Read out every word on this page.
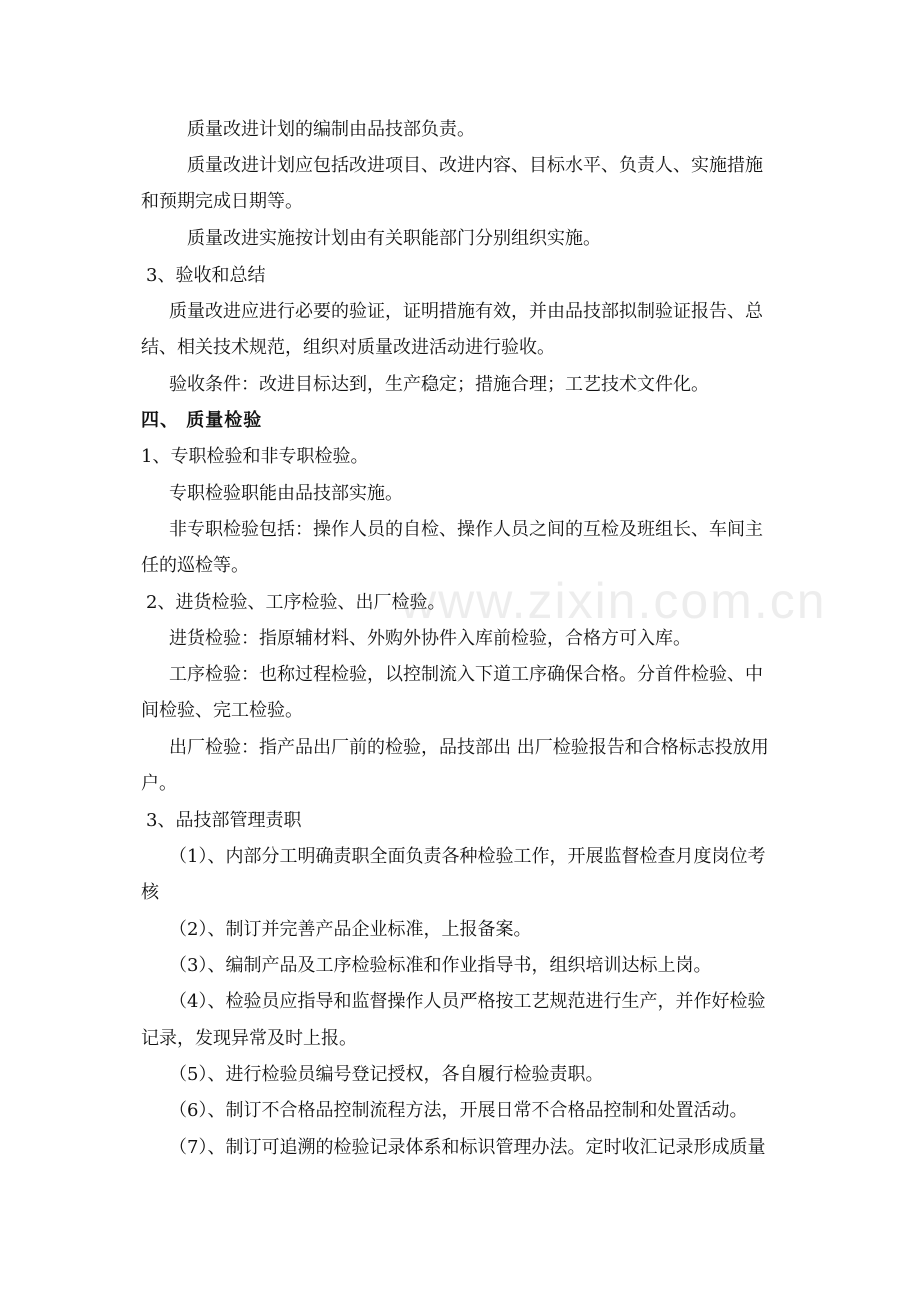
www.zixin.com.cn
质量改进计划的编制由品技部负责。
质量改进计划应包括改进项目、改进内容、目标水平、负责人、实施措施
和预期完成日期等。
质量改进实施按计划由有关职能部门分别组织实施。
3、验收和总结
质量改进应进行必要的验证，证明措施有效，并由品技部拟制验证报告、总
结、相关技术规范，组织对质量改进活动进行验收。
验收条件：改进目标达到，生产稳定；措施合理；工艺技术文件化。
四、 质量检验
1、专职检验和非专职检验。
专职检验职能由品技部实施。
非专职检验包括：操作人员的自检、操作人员之间的互检及班组长、车间主
任的巡检等。
2、进货检验、工序检验、出厂检验。
进货检验：指原辅材料、外购外协件入库前检验，合格方可入库。
工序检验：也称过程检验，以控制流入下道工序确保合格。分首件检验、中
间检验、完工检验。
出厂检验：指产品出厂前的检验，品技部出 出厂检验报告和合格标志投放用
户。
3、品技部管理责职
（1）、内部分工明确责职全面负责各种检验工作，开展监督检查月度岗位考
核
（2）、制订并完善产品企业标准，上报备案。
（3）、编制产品及工序检验标准和作业指导书，组织培训达标上岗。
（4）、检验员应指导和监督操作人员严格按工艺规范进行生产，并作好检验
记录，发现异常及时上报。
（5）、进行检验员编号登记授权，各自履行检验责职。
（6）、制订不合格品控制流程方法，开展日常不合格品控制和处置活动。
（7）、制订可追溯的检验记录体系和标识管理办法。定时收汇记录形成质量
